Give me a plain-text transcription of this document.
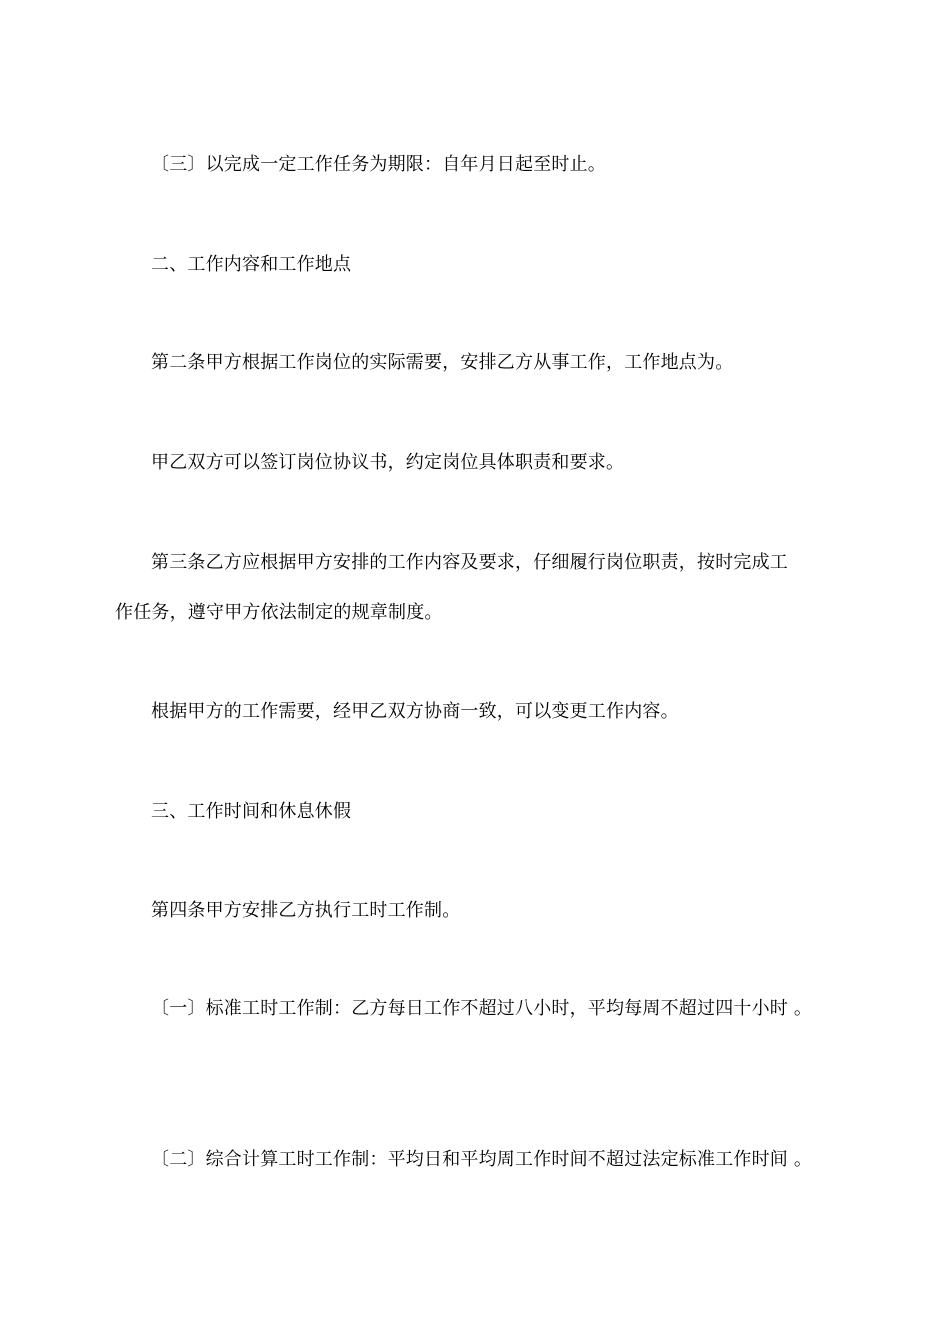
〔三〕以完成一定工作任务为期限：自年月日起至时止。

二、工作内容和工作地点

第二条甲方根据工作岗位的实际需要，安排乙方从事工作，工作地点为。

甲乙双方可以签订岗位协议书，约定岗位具体职责和要求。

第三条乙方应根据甲方安排的工作内容及要求，仔细履行岗位职责，按时完成工

作任务，遵守甲方依法制定的规章制度。

根据甲方的工作需要，经甲乙双方协商一致，可以变更工作内容。

三、工作时间和休息休假

第四条甲方安排乙方执行工时工作制。

〔一〕标准工时工作制：乙方每日工作不超过八小时，平均每周不超过四十小时 。

〔二〕综合计算工时工作制：平均日和平均周工作时间不超过法定标准工作时间 。
